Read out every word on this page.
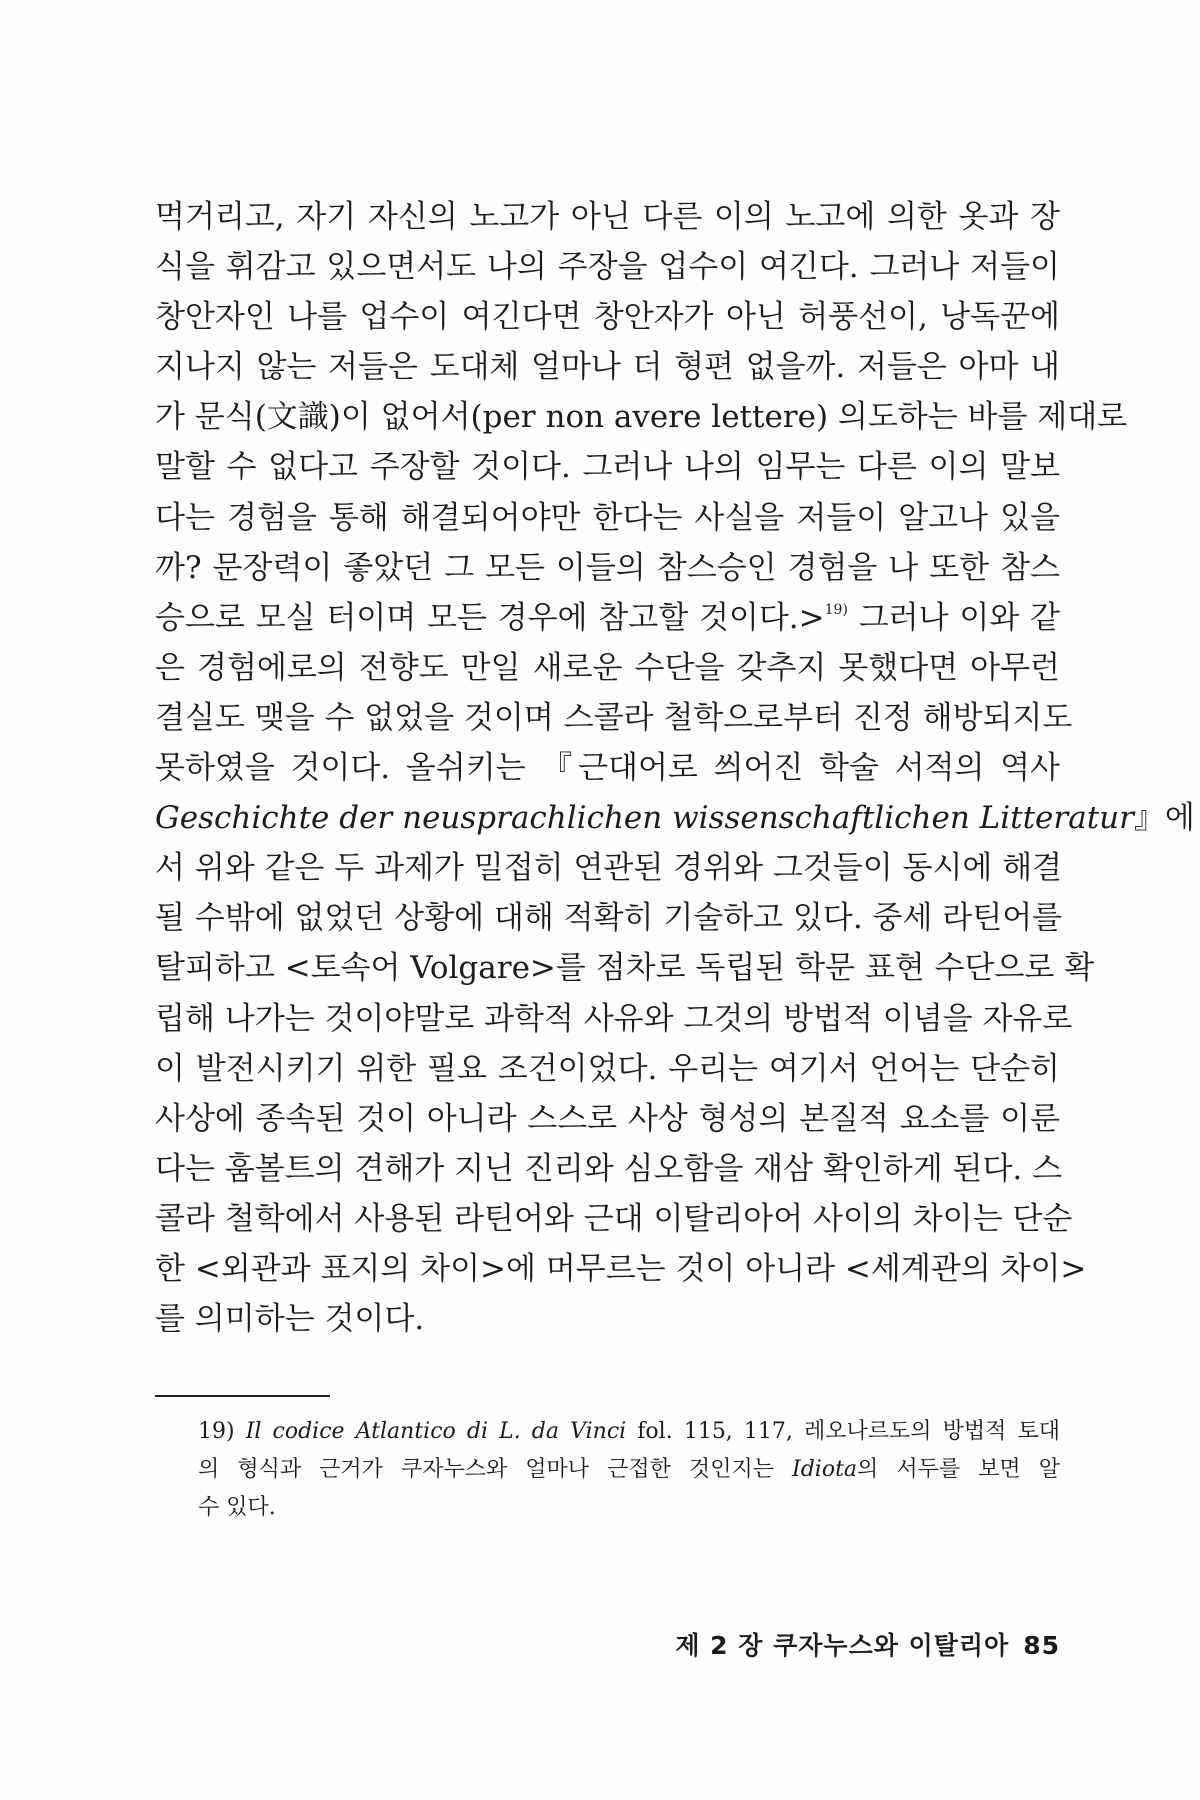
먹거리고, 자기 자신의 노고가 아닌 다른 이의 노고에 의한 옷과 장
식을 휘감고 있으면서도 나의 주장을 업수이 여긴다. 그러나 저들이
창안자인 나를 업수이 여긴다면 창안자가 아닌 허풍선이, 낭독꾼에
지나지 않는 저들은 도대체 얼마나 더 형편 없을까. 저들은 아마 내
가 문식(文識)이 없어서(per non avere lettere) 의도하는 바를 제대로
말할 수 없다고 주장할 것이다. 그러나 나의 임무는 다른 이의 말보
다는 경험을 통해 해결되어야만 한다는 사실을 저들이 알고나 있을
까? 문장력이 좋았던 그 모든 이들의 참스승인 경험을 나 또한 참스
승으로 모실 터이며 모든 경우에 참고할 것이다.>$^{19)}$ 그러나 이와 같
은 경험에로의 전향도 만일 새로운 수단을 갖추지 못했다면 아무런
결실도 맺을 수 없었을 것이며 스콜라 철학으로부터 진정 해방되지도
못하였을 것이다. 올쉬키는 『근대어로 씌어진 학술 서적의 역사
Geschichte der neusprachlichen wissenschaftlichen Litteratur』에
서 위와 같은 두 과제가 밀접히 연관된 경위와 그것들이 동시에 해결
될 수밖에 없었던 상황에 대해 적확히 기술하고 있다. 중세 라틴어를
탈피하고 <토속어 Volgare>를 점차로 독립된 학문 표현 수단으로 확
립해 나가는 것이야말로 과학적 사유와 그것의 방법적 이념을 자유로
이 발전시키기 위한 필요 조건이었다. 우리는 여기서 언어는 단순히
사상에 종속된 것이 아니라 스스로 사상 형성의 본질적 요소를 이룬
다는 훔볼트의 견해가 지닌 진리와 심오함을 재삼 확인하게 된다. 스
콜라 철학에서 사용된 라틴어와 근대 이탈리아어 사이의 차이는 단순
한 <외관과 표지의 차이>에 머무르는 것이 아니라 <세계관의 차이>
를 의미하는 것이다.
19) Il codice Atlantico di L. da Vinci fol. 115, 117, 레오나르도의 방법적 토대
의 형식과 근거가 쿠자누스와 얼마나 근접한 것인지는 Idiota의 서두를 보면 알
수 있다.
제 2 장 쿠자누스와 이탈리아 85
